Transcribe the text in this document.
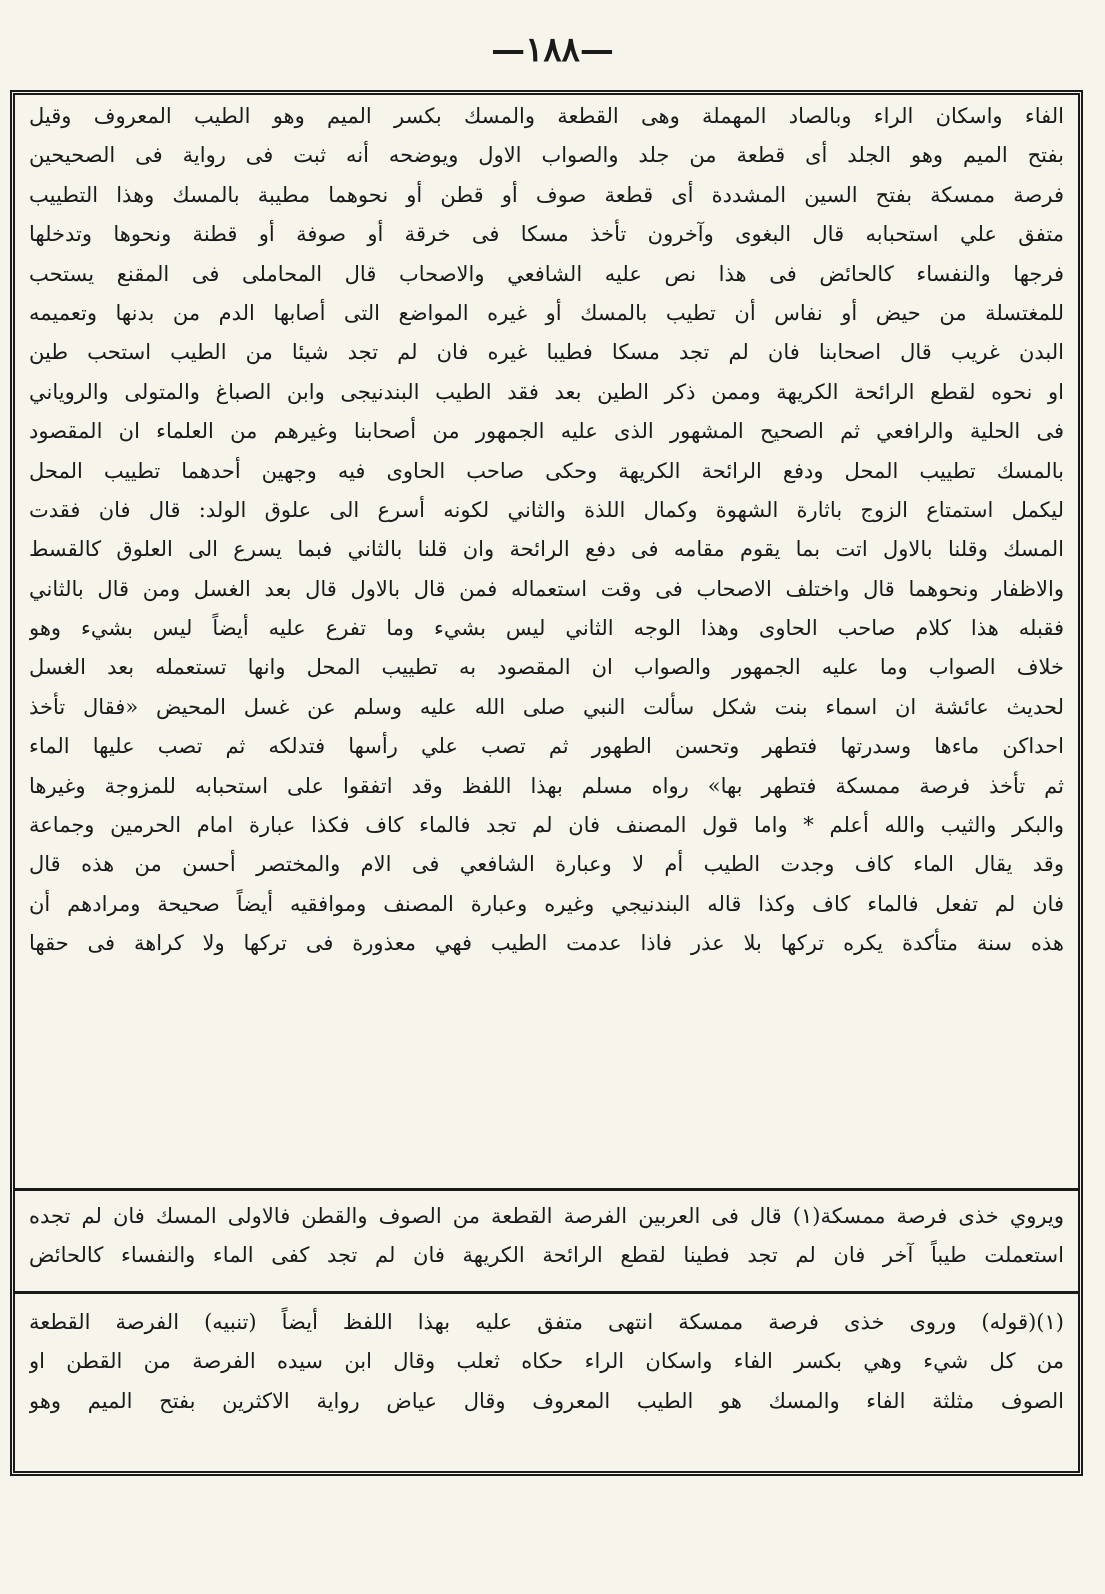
—١٨٨—
الفاء واسكان الراء وبالصاد المهملة وهى القطعة والمسك بكسر الميم وهو الطيب المعروف وقيل
بفتح الميم وهو الجلد أى قطعة من جلد والصواب الاول ويوضحه أنه ثبت فى رواية فى الصحيحين
فرصة ممسكة بفتح السين المشددة أى قطعة صوف أو قطن أو نحوهما مطيبة بالمسك وهذا التطييب
متفق علي استحبابه قال البغوى وآخرون تأخذ مسكا فى خرقة أو صوفة أو قطنة ونحوها وتدخلها
فرجها والنفساء كالحائض فى هذا نص عليه الشافعي والاصحاب قال المحاملى فى المقنع يستحب
للمغتسلة من حيض أو نفاس أن تطيب بالمسك أو غيره المواضع التى أصابها الدم من بدنها وتعميمه
البدن غريب قال اصحابنا فان لم تجد مسكا فطيبا غيره فان لم تجد شيئا من الطيب استحب طين
او نحوه لقطع الرائحة الكريهة وممن ذكر الطين بعد فقد الطيب البندنيجى وابن الصباغ والمتولى والروياني
فى الحلية والرافعي ثم الصحيح المشهور الذى عليه الجمهور من أصحابنا وغيرهم من العلماء ان المقصود
بالمسك تطييب المحل ودفع الرائحة الكريهة وحكى صاحب الحاوى فيه وجهين أحدهما تطييب المحل
ليكمل استمتاع الزوج باثارة الشهوة وكمال اللذة والثاني لكونه أسرع الى علوق الولد: قال فان فقدت
المسك وقلنا بالاول اتت بما يقوم مقامه فى دفع الرائحة وان قلنا بالثاني فبما يسرع الى العلوق كالقسط
والاظفار ونحوهما قال واختلف الاصحاب فى وقت استعماله فمن قال بالاول قال بعد الغسل ومن قال بالثاني
فقبله هذا كلام صاحب الحاوى وهذا الوجه الثاني ليس بشيء وما تفرع عليه أيضاً ليس بشيء وهو
خلاف الصواب وما عليه الجمهور والصواب ان المقصود به تطييب المحل وانها تستعمله بعد الغسل
لحديث عائشة ان اسماء بنت شكل سألت النبي صلى الله عليه وسلم عن غسل المحيض «فقال تأخذ
احداكن ماءها وسدرتها فتطهر وتحسن الطهور ثم تصب علي رأسها فتدلكه ثم تصب عليها الماء
ثم تأخذ فرصة ممسكة فتطهر بها» رواه مسلم بهذا اللفظ وقد اتفقوا على استحبابه للمزوجة وغيرها
والبكر والثيب والله أعلم * واما قول المصنف فان لم تجد فالماء كاف فكذا عبارة امام الحرمين وجماعة
وقد يقال الماء كاف وجدت الطيب أم لا وعبارة الشافعي فى الام والمختصر أحسن من هذه قال
فان لم تفعل فالماء كاف وكذا قاله البندنيجي وغيره وعبارة المصنف وموافقيه أيضاً صحيحة ومرادهم أن
هذه سنة متأكدة يكره تركها بلا عذر فاذا عدمت الطيب فهي معذورة فى تركها ولا كراهة فى حقها
ويروي خذى فرصة ممسكة(١) قال فى العربين الفرصة القطعة من الصوف والقطن فالاولى المسك فان لم تجده
استعملت طيباً آخر فان لم تجد فطينا لقطع الرائحة الكريهة فان لم تجد كفى الماء والنفساء كالحائض
(١)(قوله) وروى خذى فرصة ممسكة انتهى متفق عليه بهذا اللفظ أيضاً (تنبيه) الفرصة القطعة
من كل شيء وهي بكسر الفاء واسكان الراء حكاه ثعلب وقال ابن سيده الفرصة من القطن او
الصوف مثلثة الفاء والمسك هو الطيب المعروف وقال عياض رواية الاكثرين بفتح الميم وهو
